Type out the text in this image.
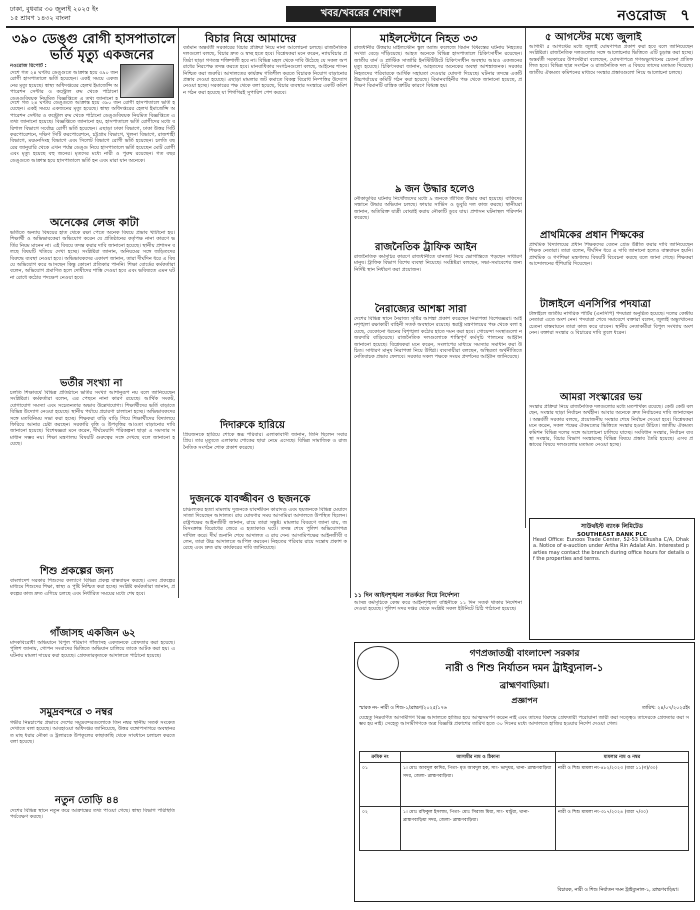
ঢাকা, বুধবার ৩০ জুলাই ২০২৫ ইং
১৫ শ্রাবণ ১৪৩২ বাংলা	খবর/খবরের শেষাংশ	নওরোজ ৭
৩৯০ ডেঙ্গু রোগী হাসপাতালে
ভর্তি মৃত্যু একজনের
নওরোজ রিপোর্ট :
দেশে গত ২৪ ঘণ্টায় ডেঙ্গুতে আক্রান্ত হয়ে ৩৯০ জন রোগী হাসপাতালে ভর্তি হয়েছেন। একই সময়ে একজনের মৃত্যু হয়েছে। স্বাস্থ্য অধিদপ্তরের হেলথ ইমার্জেন্সি অপারেশন সেন্টার ও কন্ট্রোল রুম থেকে পাঠানো ডেঙ্গুবিষয়ক নিয়মিত বিজ্ঞপ্তিতে এ তথ্য জানানো হ
দেশে গত ২৪ ঘণ্টায় ডেঙ্গুতে আক্রান্ত হয়ে ৩৯০ জন রোগী হাসপাতালে ভর্তি হয়েছেন। একই সময়ে একজনের মৃত্যু হয়েছে। স্বাস্থ্য অধিদপ্তরের হেলথ ইমার্জেন্সি অপারেশন সেন্টার ও কন্ট্রোল রুম থেকে পাঠানো ডেঙ্গুবিষয়ক নিয়মিত বিজ্ঞপ্তিতে এ তথ্য জানানো হয়েছে। বিজ্ঞপ্তিতে জানানো হয়, হাসপাতালে ভর্তি রোগীদের মধ্যে বরিশাল বিভাগে সর্বোচ্চ রোগী ভর্তি হয়েছেন। এছাড়া ঢাকা বিভাগে, ঢাকা উত্তর সিটি করপোরেশনে, দক্ষিণ সিটি করপোরেশনে, চট্টগ্রাম বিভাগে, খুলনা বিভাগে, রাজশাহী বিভাগে, ময়মনসিংহ বিভাগে এবং সিলেট বিভাগে রোগী ভর্তি হয়েছেন। চলতি বছরের জানুয়ারি থেকে এখন পর্যন্ত ডেঙ্গু নিয়ে হাসপাতালে ভর্তি হয়েছেন মোট রোগী এবং মৃত্যু হয়েছে বহু জনের। মৃতদের মধ্যে নারী ও পুরুষ রয়েছেন। গত বছর ডেঙ্গুতে আক্রান্ত হয়ে হাসপাতালে ভর্তি হন এবং মারা যান অনেকে।
অনেকের লেজ কাটা
ভর্তিতে অন্যায় বিষয়ের হাত থেকে রক্ষা পেতে অনেক বিষয়ে প্রভাব খাটানো হয়। শিক্ষার্থী ও অভিভাবকেরা অভিযোগ করেন যে প্রতিষ্ঠানের কর্তৃপক্ষ নানা কারণে ভর্তির নিয়ম মানেন না। এই বিষয়ে তদন্ত করার দাবি জানানো হয়েছে। স্থানীয় প্রশাসন বলছে বিষয়টি খতিয়ে দেখা হচ্ছে। সংশ্লিষ্টরা জানান, অনিয়মের সঙ্গে জড়িতদের বিরুদ্ধে ব্যবস্থা নেওয়া হবে। অভিভাবকদের একাংশ জানান, তারা দীর্ঘদিন ধরে এ বিষয়ে অভিযোগ করে আসছেন কিন্তু কোনো প্রতিকার পাননি। শিক্ষা বোর্ডের কর্মকর্তারা বলেন, অভিযোগ প্রমাণিত হলে দোষীদের শাস্তি দেওয়া হবে এবং ভবিষ্যতে এমন ঘটনা রোধে কঠোর পদক্ষেপ নেওয়া হবে।
ভর্তীর সংখ্যা না
চলতি শিক্ষাবর্ষে বিভিন্ন প্রতিষ্ঠানে ভর্তির সংখ্যা আশানুরূপ নয় বলে জানিয়েছেন সংশ্লিষ্টরা। কর্মকর্তারা বলেন, এর পেছনে নানা কারণ রয়েছে। আর্থিক সংকট, যোগাযোগ সমস্যা এবং সচেতনতার অভাব উল্লেখযোগ্য। শিক্ষার্থীদের ভর্তি বাড়াতে বিভিন্ন উদ্যোগ নেওয়া হয়েছে। স্থানীয় পর্যায়ে প্রচারণা চালানো হচ্ছে। অভিভাবকদের সঙ্গে মতবিনিময় সভা করা হচ্ছে। শিক্ষকরা বাড়ি বাড়ি গিয়ে শিক্ষার্থীদের বিদ্যালয়ে ফিরিয়ে আনার চেষ্টা করছেন। সরকারি বৃত্তি ও উপবৃত্তির আওতা বাড়ানোর দাবি জানানো হয়েছে। বিশেষজ্ঞরা মনে করেন, দীর্ঘমেয়াদি পরিকল্পনা ছাড়া এ সমস্যার সমাধান সম্ভব নয়। শিক্ষা মন্ত্রণালয় বিষয়টি গুরুত্বের সঙ্গে দেখছে বলে জানানো হয়েছে।
শিশু প্রকল্পের জন্য
বাংলাদেশ সরকার শিশুদের কল্যাণে বিভিন্ন প্রকল্প বাস্তবায়ন করছে। এসব প্রকল্পের মাধ্যমে শিশুদের শিক্ষা, স্বাস্থ্য ও পুষ্টি নিশ্চিত করা হচ্ছে। সংশ্লিষ্ট কর্মকর্তারা জানান, প্রকল্পের কাজ দ্রুত এগিয়ে চলছে এবং নির্ধারিত সময়ের মধ্যে শেষ হবে।
গাঁজাসহ একজিন ৬২
মাদকবিরোধী অভিযানে বিপুল পরিমাণ গাঁজাসহ একজনকে গ্রেফতার করা হয়েছে। পুলিশ জানায়, গোপন সংবাদের ভিত্তিতে অভিযান চালিয়ে তাকে আটক করা হয়। এ ঘটনায় মামলা দায়ের করা হয়েছে। গ্রেফতারকৃতকে আদালতে পাঠানো হয়েছে।
সমুদ্রবন্দরে ৩ নম্বর
গভীর নিম্নচাপের প্রভাবে দেশের সমুদ্রবন্দরগুলোকে তিন নম্বর স্থানীয় সতর্ক সংকেত দেখাতে বলা হয়েছে। আবহাওয়া অধিদপ্তর জানিয়েছে, উত্তর বঙ্গোপসাগরে অবস্থানরত মাছ ধরার নৌকা ও ট্রলারকে উপকূলের কাছাকাছি থেকে সাবধানে চলাচল করতে বলা হয়েছে।
নতুন তোড়ি ৪৪
দেশের বিভিন্ন স্থানে নতুন করে আক্রান্তের তথ্য পাওয়া গেছে। স্বাস্থ্য বিভাগ পরিস্থিতি পর্যবেক্ষণ করছে।
বিচার নিয়ে আমাদের
বর্তমান অন্তর্বর্তী সরকারের বিচার প্রক্রিয়া নিয়ে নানা আলোচনা চলছে। রাজনৈতিক দলগুলো বলছে, বিচার দ্রুত ও স্বচ্ছ হতে হবে। বিশ্লেষকরা মনে করেন, ন্যায়বিচার প্রতিষ্ঠা ছাড়া গণতন্ত্র শক্তিশালী হবে না। বিভিন্ন মহল থেকে দাবি উঠেছে যে সকল অপরাধের নিরপেক্ষ তদন্ত করতে হবে। মানবাধিকার সংগঠনগুলো বলছে, আইনের শাসন নিশ্চিত করা জরুরি। আদালতের কার্যক্রম গতিশীল করতে বিচারক নিয়োগ বাড়ানোর প্রস্তাব দেওয়া হয়েছে। এছাড়া মামলার জট কমাতে বিকল্প বিরোধ নিষ্পত্তির উদ্যোগ নেওয়া হচ্ছে। সরকারের পক্ষ থেকে বলা হয়েছে, বিচার ব্যবস্থার সংস্কারে একটি কমিশন গঠন করা হয়েছে যা শিগগিরই সুপারিশ পেশ করবে।
দিদারুকে হারিয়ে
প্রিয়জনকে হারিয়ে শোকে স্তব্ধ পরিবার। এলাকাবাসী জানান, তিনি ছিলেন সবার প্রিয়। তার মৃত্যুতে এলাকায় শোকের ছায়া নেমে এসেছে। বিভিন্ন সামাজিক ও রাজনৈতিক সংগঠন শোক প্রকাশ করেছে।
দুজনকে যাবজ্জীবন ও ছজনকে
চাঞ্চল্যকর হত্যা মামলায় দুজনকে যাবজ্জীবন কারাদণ্ড এবং ছয়জনকে বিভিন্ন মেয়াদে সাজা দিয়েছেন আদালত। রায় ঘোষণার সময় আসামিরা আদালতে উপস্থিত ছিলেন। রাষ্ট্রপক্ষের আইনজীবী জানান, রায়ে তারা সন্তুষ্ট। মামলার বিবরণে জানা যায়, জমিসংক্রান্ত বিরোধের জেরে এ হত্যাকাণ্ড ঘটে। তদন্ত শেষে পুলিশ অভিযোগপত্র দাখিল করে। দীর্ঘ শুনানি শেষে আদালত এ রায় দেন। আসামিপক্ষের আইনজীবী বলেন, তারা উচ্চ আদালতে আপিল করবেন। নিহতের পরিবার রায়ে সন্তোষ প্রকাশ করেছে এবং দ্রুত রায় কার্যকরের দাবি জানিয়েছে।
মাইলস্টোনে নিহত ৩৩
রাজধানীর উত্তরায় মাইলস্টোন স্কুল অ্যান্ড কলেজে বিমান বিধ্বস্তের ঘটনায় নিহতের সংখ্যা বেড়ে দাঁড়িয়েছে। আহত অনেকে বিভিন্ন হাসপাতালে চিকিৎসাধীন রয়েছেন। জাতীয় বার্ন ও প্লাস্টিক সার্জারি ইনস্টিটিউটে চিকিৎসাধীন অবস্থায় আরও একজনের মৃত্যু হয়েছে। চিকিৎসকরা জানান, আহতদের অনেকের অবস্থা আশঙ্কাজনক। সরকার নিহতদের পরিবারকে আর্থিক সহায়তা দেওয়ার ঘোষণা দিয়েছে। ঘটনার তদন্তে একটি উচ্চপর্যায়ের কমিটি গঠন করা হয়েছে। বিমানবাহিনীর পক্ষ থেকে জানানো হয়েছে, প্রশিক্ষণ বিমানটি যান্ত্রিক ত্রুটির কারণে বিধ্বস্ত হয়।
৯ জন উদ্ধার হলেও
নৌকাডুবির ঘটনায় নিখোঁজদের মধ্যে ৯ জনকে জীবিত উদ্ধার করা হয়েছে। বাকিদের সন্ধানে উদ্ধার অভিযান চলছে। ফায়ার সার্ভিস ও ডুবুরি দল কাজ করছে। স্থানীয়রা জানান, অতিরিক্ত যাত্রী বোঝাই করায় নৌকাটি ডুবে যায়। প্রশাসন ঘটনাস্থল পরিদর্শন করেছে।
রাজনৈতিক ট্রাফিক আইন
রাজনৈতিক কর্মসূচির কারণে রাজধানীতে যানজট নিয়ে ভোগান্তিতে পড়ছেন সাধারণ মানুষ। ট্রাফিক বিভাগ বিশেষ ব্যবস্থা নিয়েছে। সংশ্লিষ্টরা বলছেন, সভা-সমাবেশের জন্য নির্দিষ্ট স্থান নির্ধারণ করা প্রয়োজন।
নৈরাজ্যের আশঙ্কা সারা
দেশের বিভিন্ন স্থানে নৈরাজ্য সৃষ্টির আশঙ্কা প্রকাশ করেছেন নিরাপত্তা বিশেষজ্ঞরা। আইনশৃঙ্খলা রক্ষাকারী বাহিনী সতর্ক অবস্থানে রয়েছে। স্বরাষ্ট্র মন্ত্রণালয়ের পক্ষ থেকে বলা হয়েছে, যেকোনো ধরনের বিশৃঙ্খলা কঠোর হাতে দমন করা হবে। গোয়েন্দা সংস্থাগুলো নজরদারি বাড়িয়েছে। রাজনৈতিক দলগুলোকে শান্তিপূর্ণ কর্মসূচি পালনের আহ্বান জানানো হয়েছে। বিশ্লেষকরা মনে করেন, সংলাপের মাধ্যমে সমস্যার সমাধান করা উচিত। সাধারণ মানুষ নিরাপত্তা নিয়ে উদ্বিগ্ন। ব্যবসায়ীরা বলছেন, অস্থিরতা অর্থনীতিতে নেতিবাচক প্রভাব ফেলবে। সরকার সকল পক্ষকে সংযম প্রদর্শনের আহ্বান জানিয়েছে।
১১ দিন আইনশৃঙ্খলা সতর্কতা দিয়ে নির্দেশনা
আসন্ন কর্মসূচিকে কেন্দ্র করে আইনশৃঙ্খলা বাহিনীকে ১১ দিন সতর্ক থাকার নির্দেশনা দেওয়া হয়েছে। পুলিশ সদর দপ্তর থেকে সংশ্লিষ্ট সকল ইউনিটে চিঠি পাঠানো হয়েছে।
৫ আগস্টের মধ্যে জুলাই
আগামী ৫ আগস্টের মধ্যে জুলাই ঘোষণাপত্র প্রকাশ করা হবে বলে জানিয়েছেন সংশ্লিষ্টরা। রাজনৈতিক দলগুলোর সঙ্গে আলোচনার ভিত্তিতে এটি চূড়ান্ত করা হচ্ছে। অন্তর্বর্তী সরকারের উপদেষ্টারা বলেছেন, ঘোষণাপত্রে গণঅভ্যুত্থানের চেতনা প্রতিফলিত হবে। বিভিন্ন ছাত্র সংগঠন ও রাজনৈতিক দল এ বিষয়ে তাদের মতামত দিয়েছে। জাতীয় ঐকমত্য কমিশনের মাধ্যমে সংস্কার প্রস্তাবগুলো নিয়ে আলোচনা চলছে।
প্রাথমিকের প্রধান শিক্ষকের
প্রাথমিক বিদ্যালয়ের প্রধান শিক্ষকদের বেতন গ্রেড উন্নীত করার দাবি জানিয়েছেন শিক্ষক নেতারা। তারা বলেন, দীর্ঘদিন ধরে এ দাবি জানানো হলেও বাস্তবায়ন হয়নি। প্রাথমিক ও গণশিক্ষা মন্ত্রণালয় বিষয়টি বিবেচনা করছে বলে জানা গেছে। শিক্ষকরা আন্দোলনের হুঁশিয়ারি দিয়েছেন।
টাঙ্গাইলে এনসিপির পদযাত্রা
টাঙ্গাইলে জাতীয় নাগরিক পার্টির (এনসিপি) পদযাত্রা অনুষ্ঠিত হয়েছে। দলের কেন্দ্রীয় নেতারা এতে অংশ নেন। পদযাত্রা শেষে সমাবেশে বক্তারা বলেন, জুলাই অভ্যুত্থানের চেতনা বাস্তবায়নে তারা কাজ করে যাবেন। স্থানীয় নেতাকর্মীরা বিপুল সংখ্যায় অংশ নেন। বক্তারা সংস্কার ও বিচারের দাবি তুলে ধরেন।
আমরা সংস্কারের ভয়
সংস্কার প্রক্রিয়া নিয়ে রাজনৈতিক দলগুলোর মধ্যে মতপার্থক্য রয়েছে। কেউ কেউ বলছেন, সংস্কার ছাড়া নির্বাচন অর্থহীন। আবার অনেকে দ্রুত নির্বাচনের দাবি জানাচ্ছেন। অন্তর্বর্তী সরকার বলছে, প্রয়োজনীয় সংস্কার শেষে নির্বাচন দেওয়া হবে। বিশ্লেষকরা মনে করেন, সকল পক্ষের ঐকমত্যের ভিত্তিতে সংস্কার হওয়া উচিত। জাতীয় ঐকমত্য কমিশন বিভিন্ন দলের সঙ্গে আলোচনা চালিয়ে যাচ্ছে। সংবিধান সংস্কার, নির্বাচন ব্যবস্থা সংস্কার, বিচার বিভাগ সংস্কারসহ বিভিন্ন বিষয়ে প্রস্তাব তৈরি হয়েছে। এসব প্রস্তাবের বিষয়ে দলগুলোর মতামত নেওয়া হচ্ছে।
সাউথইস্ট ব্যাংক লিমিটেড
SOUTHEAST BANK PLC
Head Office: Eunoos Trade Center, 52-53 Dilkusha C/A, Dhaka. Notice of e-auction under Artha Rin Adalat Ain. Interested parties may contact the branch during office hours for details of the properties and terms.
গণপ্রজাতন্ত্রী বাংলাদেশ সরকার
নারী ও শিশু নির্যাতন দমন ট্রাইব্যুনাল-১
ব্রাহ্মণবাড়িয়া।
প্রজ্ঞাপন
স্মারক নং- নারী ও শিশু-১/ব্রাহ্মণ/২০২৫/১৭৬	তারিখ: ২৪/০৭/২০২৫ইং
যেহেতু নিম্নবর্ণিত আসামীগণ বিজ্ঞ আদালতে হাজির হয়ে আত্মসমর্পণ করেন নাই এবং তাদের বিরুদ্ধে গ্রেফতারী পরোয়ানা জারী করা সত্ত্বেও তাদেরকে গ্রেফতার করা সম্ভব হয় নাই। সেহেতু আসামীগণকে অত্র বিজ্ঞপ্তি প্রকাশের তারিখ হতে ৩০ দিনের মধ্যে আদালতে হাজির হওয়ার নির্দেশ দেওয়া গেল।
ক্রমিক নং	আসামীর নাম ও ঠিকানা	মামলার নাম ও নম্বর
০১	১। মোঃ আবদুল কাদির, পিতা- মৃত আবদুল হক, সাং- ভাদুঘর, থানা- ব্রাহ্মণবাড়িয়া সদর, জেলা- ব্রাহ্মণবাড়িয়া।	নারী ও শিশু মামলা নং-৪৮২/২০২৩ (ধারা ১১(গ)/৩০)
০২	১। মোঃ রফিকুল ইসলাম, পিতা- মোঃ সিরাজ মিয়া, সাং- ঘাটুরা, থানা- ব্রাহ্মণবাড়িয়া সদর, জেলা- ব্রাহ্মণবাড়িয়া।	নারী ও শিশু মামলা নং-৩১৭/২০২৪ (ধারা ৭/৩০)
বিচারক, নারী ও শিশু নির্যাতন দমন ট্রাইব্যুনাল-১, ব্রাহ্মণবাড়িয়া।
